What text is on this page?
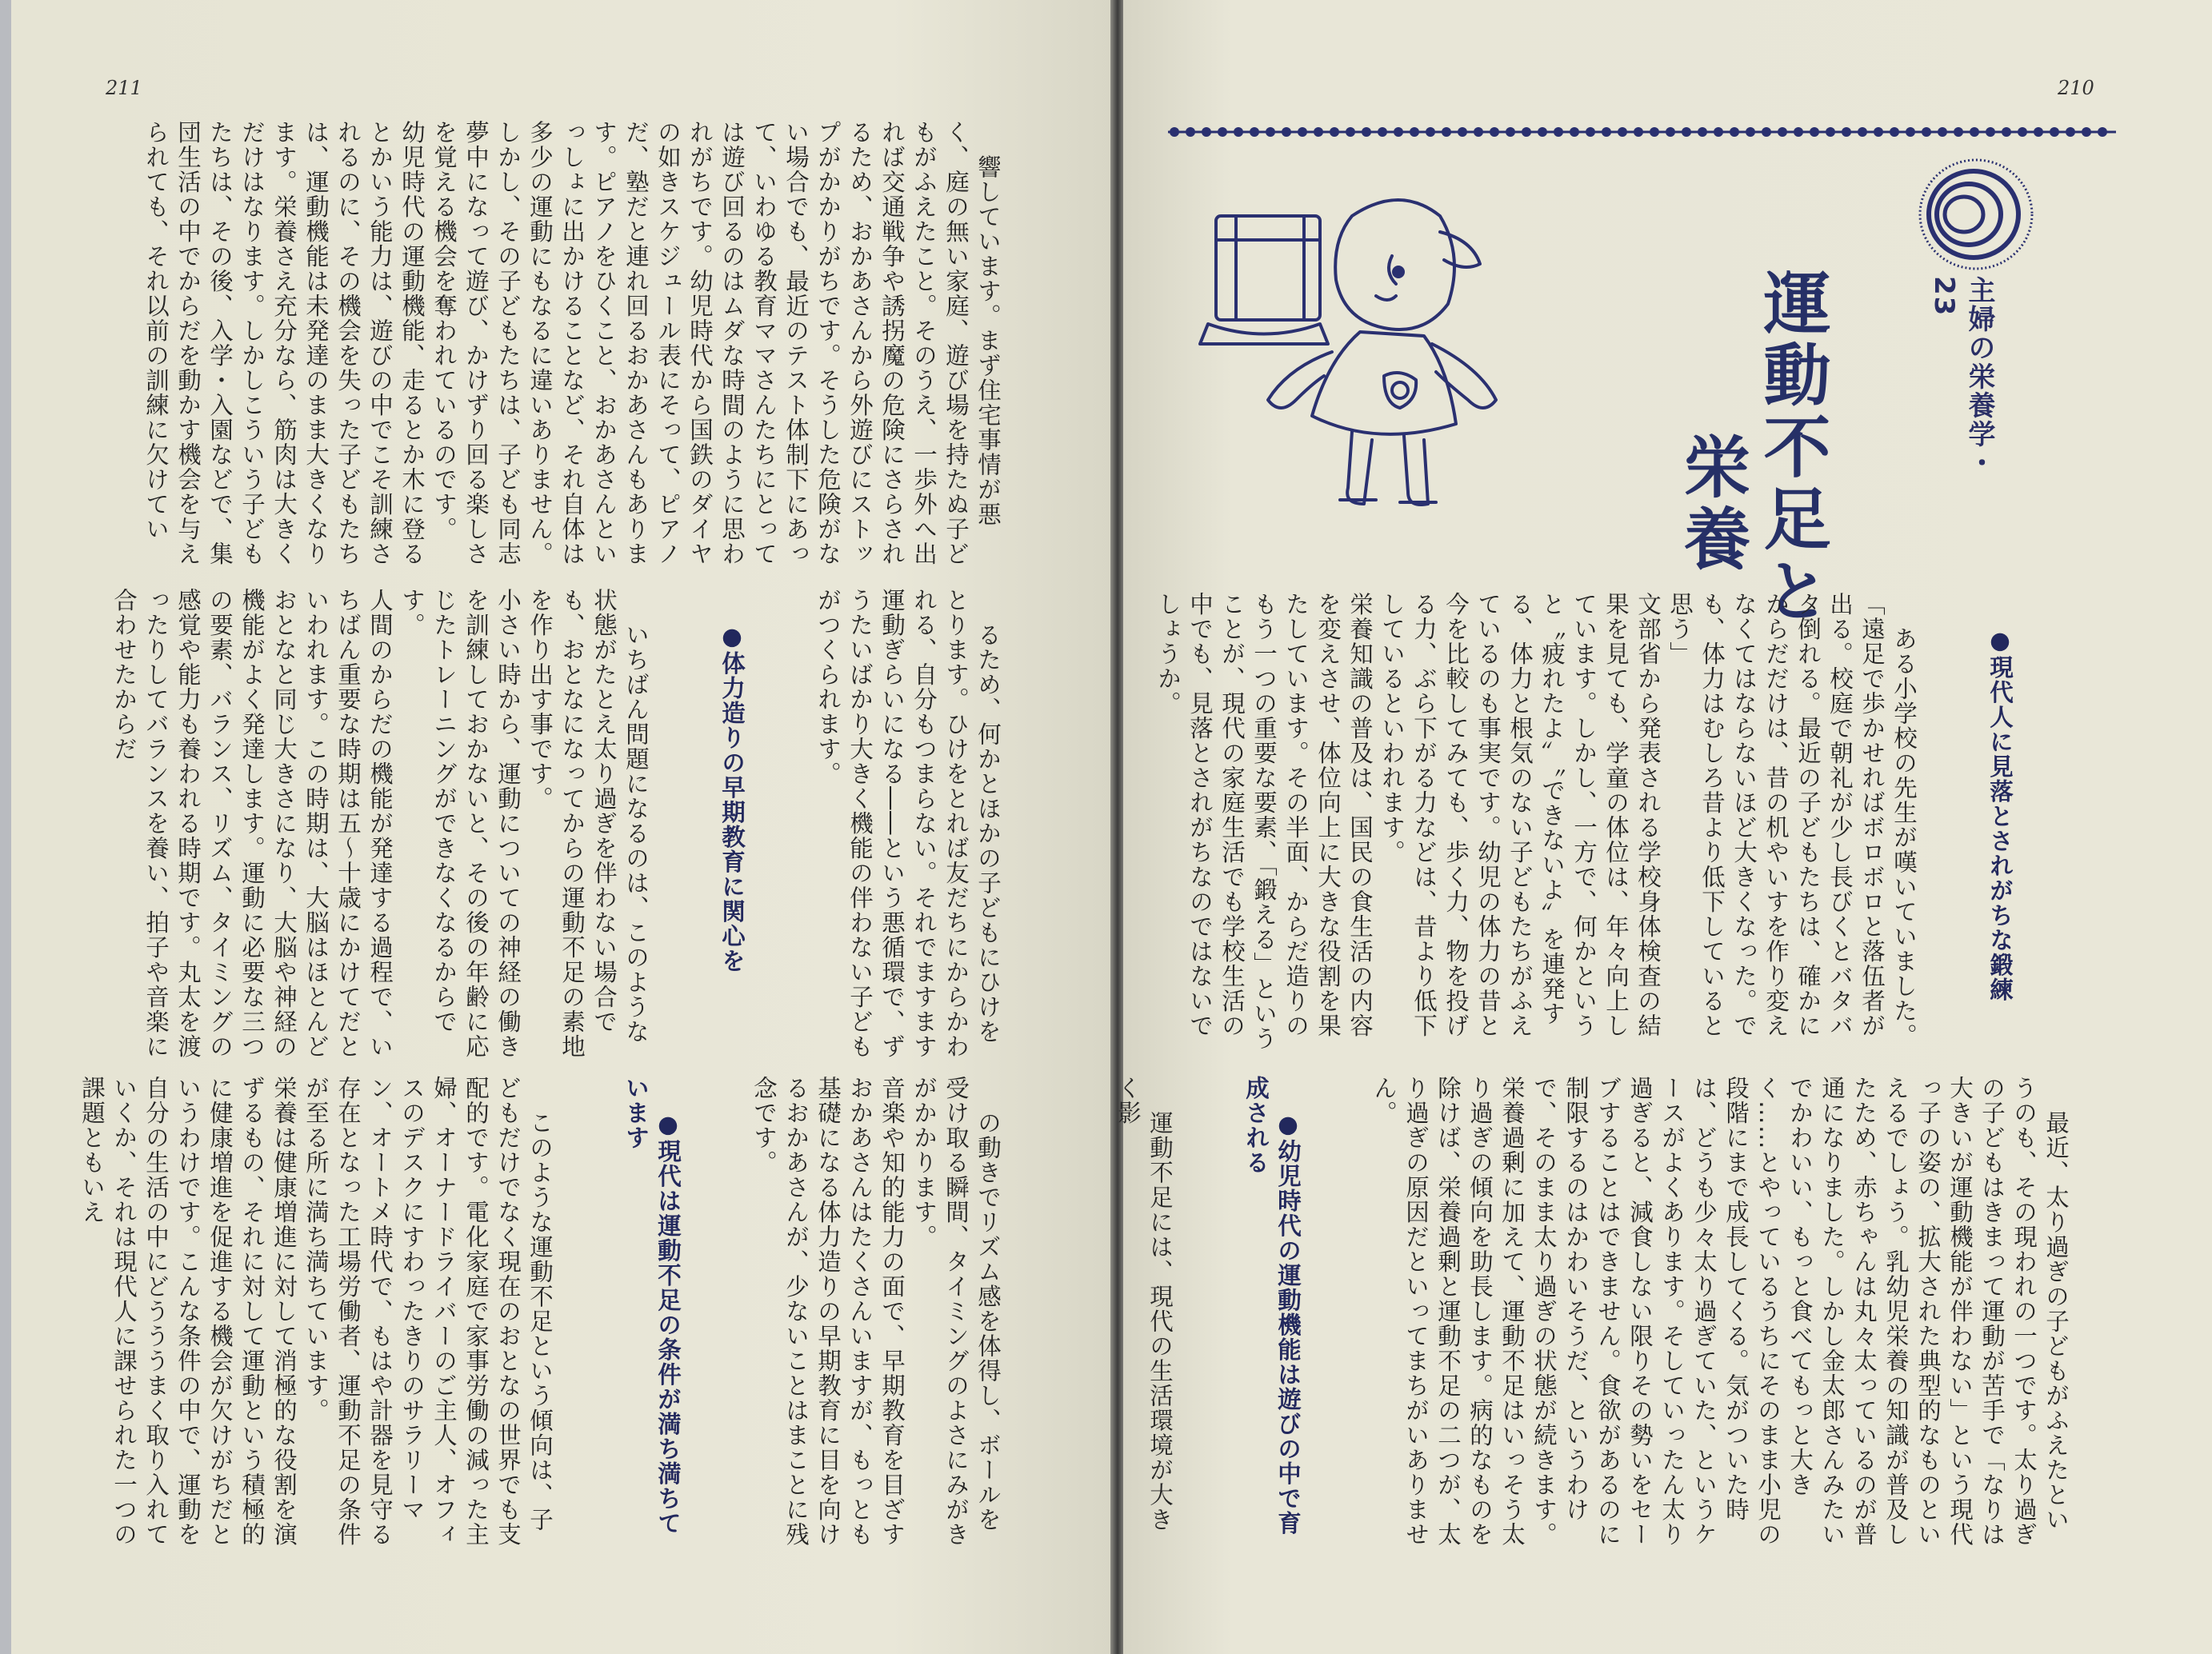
211	210
主婦の栄養学・23
運動不足と
栄養

●現代人に見落とされがちな鍛練

ある小学校の先生が嘆いていました。
「遠足で歩かせればボロボロと落伍者が出る。校庭で朝礼が少し長びくとバタバタ倒れる。最近の子どもたちは、確かにからだだけは、昔の机やいすを作り変えなくてはならないほど大きくなった。でも、体力はむしろ昔より低下していると思う」
文部省から発表される学校身体検査の結果を見ても、学童の体位は、年々向上しています。しかし、一方で、何かというと〝疲れたよ〟〝できないよ〟を連発する、体力と根気のない子どもたちがふえているのも事実です。幼児の体力の昔と今を比較してみても、歩く力、物を投げる力、ぶら下がる力などは、昔より低下しているといわれます。
栄養知識の普及は、国民の食生活の内容を変えさせ、体位向上に大きな役割を果たしています。その半面、からだ造りのもう一つの重要な要素、「鍛える」ということが、現代の家庭生活でも学校生活の中でも、見落とされがちなのではないでしょうか。

最近、太り過ぎの子どもがふえたというのも、その現われの一つです。太り過ぎの子どもはきまって運動が苦手で「なりは大きいが運動機能が伴わない」という現代っ子の姿の、拡大された典型的なものといえるでしょう。乳幼児栄養の知識が普及したため、赤ちゃんは丸々太っているのが普通になりました。しかし金太郎さんみたいでかわいい、もっと食べてもっと大きく……とやっているうちにそのまま小児の段階にまで成長してくる。気がついた時は、どうも少々太り過ぎていた、というケースがよくあります。そしていったん太り過ぎると、減食しない限りその勢いをセーブすることはできません。食欲があるのに制限するのはかわいそうだ、というわけで、そのまま太り過ぎの状態が続きます。
栄養過剰に加えて、運動不足はいっそう太り過ぎの傾向を助長します。病的なものを除けば、栄養過剰と運動不足の二つが、太り過ぎの原因だといってまちがいありません。

●幼児時代の運動機能は遊びの中で育成される

運動不足には、現代の生活環境が大きく影

響しています。まず住宅事情が悪く、庭の無い家庭、遊び場を持たぬ子どもがふえたこと。そのうえ、一歩外へ出れば交通戦争や誘拐魔の危険にさらされるため、おかあさんから外遊びにストップがかかりがちです。そうした危険がない場合でも、最近のテスト体制下にあって、いわゆる教育ママさんたちにとっては遊び回るのはムダな時間のように思われがちです。幼児時代から国鉄のダイヤの如きスケジュール表にそって、ピアノだ、塾だと連れ回るおかあさんもあります。ピアノをひくこと、おかあさんといっしょに出かけることなど、それ自体は多少の運動にもなるに違いありません。しかし、その子どもたちは、子ども同志夢中になって遊び、かけずり回る楽しさを覚える機会を奪われているのです。
幼児時代の運動機能、走るとか木に登るとかいう能力は、遊びの中でこそ訓練されるのに、その機会を失った子どもたちは、運動機能は未発達のまま大きくなります。栄養さえ充分なら、筋肉は大きくだけはなります。しかしこういう子どもたちは、その後、入学・入園などで、集団生活の中でからだを動かす機会を与えられても、それ以前の訓練に欠けてい

るため、何かとほかの子どもにひけをとります。ひけをとれば友だちにからかわれる、自分もつまらない。それでますます運動ぎらいになる――という悪循環で、ずうたいばかり大きく機能の伴わない子どもがつくられます。

●体力造りの早期教育に関心を

いちばん問題になるのは、このような状態がたとえ太り過ぎを伴わない場合でも、おとなになってからの運動不足の素地を作り出す事です。
小さい時から、運動についての神経の働きを訓練しておかないと、その後の年齢に応じたトレーニングができなくなるからです。
人間のからだの機能が発達する過程で、いちばん重要な時期は五～十歳にかけてだといわれます。この時期は、大脳はほとんどおとなと同じ大きさになり、大脳や神経の機能がよく発達します。運動に必要な三つの要素、バランス、リズム、タイミングの感覚や能力も養われる時期です。丸太を渡ったりしてバランスを養い、拍子や音楽に合わせたからだ

の動きでリズム感を体得し、ボールを受け取る瞬間、タイミングのよさにみがきがかかります。
音楽や知的能力の面で、早期教育を目ざすおかあさんはたくさんいますが、もっとも基礎になる体力造りの早期教育に目を向けるおかあさんが、少ないことはまことに残念です。

●現代は運動不足の条件が満ち満ちています

このような運動不足という傾向は、子どもだけでなく現在のおとなの世界でも支配的です。電化家庭で家事労働の減った主婦、オーナードライバーのご主人、オフィスのデスクにすわったきりのサラリーマン、オートメ時代で、もはや計器を見守る存在となった工場労働者、運動不足の条件が至る所に満ち満ちています。
栄養は健康増進に対して消極的な役割を演ずるもの、それに対して運動という積極的に健康増進を促進する機会が欠けがちだというわけです。こんな条件の中で、運動を自分の生活の中にどうううまく取り入れていくか、それは現代人に課せられた一つの課題ともいえ
